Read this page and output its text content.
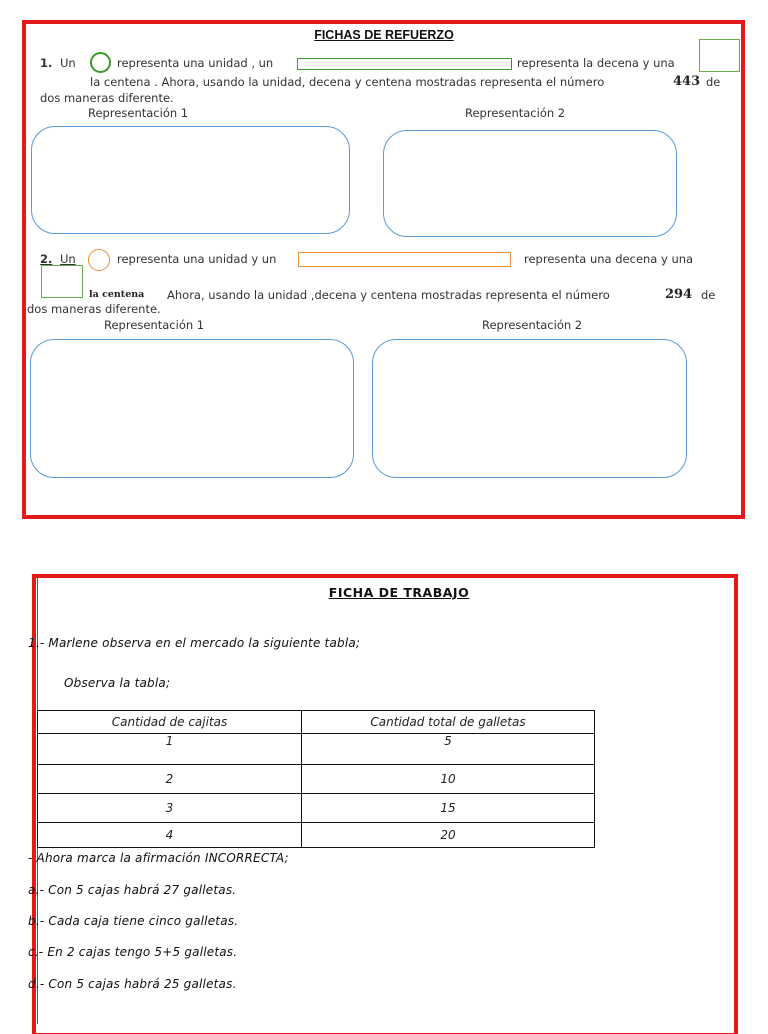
FICHAS DE REFUERZO
1. Un	representa una unidad , un	representa la decena y una
la centena . Ahora, usando la unidad, decena y centena mostradas representa el número	443 de
dos maneras diferente.
Representación 1	Representación 2
2. Un	representa una unidad y un	representa una decena y una
la centena Ahora, usando la unidad ,decena y centena mostradas representa el número	294 de
dos maneras diferente.
Representación 1	Representación 2
FICHA DE TRABAJO
1.- Marlene observa en el mercado la siguiente tabla;
Observa la tabla;
Cantidad de cajitas	Cantidad total de galletas
1	5
2	10
3	15
4	20
- Ahora marca la afirmación INCORRECTA;
a.- Con 5 cajas habrá 27 galletas.
b.- Cada caja tiene cinco galletas.
c.- En 2 cajas tengo 5+5 galletas.
d.- Con 5 cajas habrá 25 galletas.
